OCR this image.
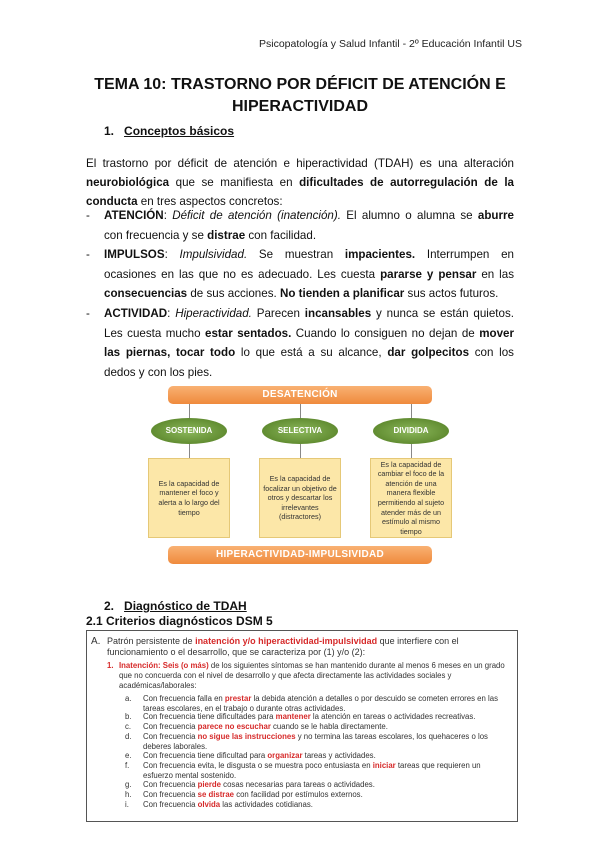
Psicopatología y Salud Infantil - 2º Educación Infantil US
TEMA 10: TRASTORNO POR DÉFICIT DE ATENCIÓN E
HIPERACTIVIDAD
1. Conceptos básicos
El trastorno por déficit de atención e hiperactividad (TDAH) es una alteración neurobiológica que se manifiesta en dificultades de autorregulación de la conducta en tres aspectos concretos:
- ATENCIÓN: Déficit de atención (inatención). El alumno o alumna se aburre con frecuencia y se distrae con facilidad.
- IMPULSOS: Impulsividad. Se muestran impacientes. Interrumpen en ocasiones en las que no es adecuado. Les cuesta pararse y pensar en las consecuencias de sus acciones. No tienden a planificar sus actos futuros.
- ACTIVIDAD: Hiperactividad. Parecen incansables y nunca se están quietos. Les cuesta mucho estar sentados. Cuando lo consiguen no dejan de mover las piernas, tocar todo lo que está a su alcance, dar golpecitos con los dedos y con los pies.
DESATENCIÓN
SOSTENIDA	SELECTIVA	DIVIDIDA
Es la capacidad de mantener el foco y alerta a lo largo del tiempo
Es la capacidad de focalizar un objetivo de otros y descartar los irrelevantes (distractores)
Es la capacidad de cambiar el foco de la atención de una manera flexible permitiendo al sujeto atender más de un estímulo al mismo tiempo
HIPERACTIVIDAD-IMPULSIVIDAD
2. Diagnóstico de TDAH
2.1 Criterios diagnósticos DSM 5
A. Patrón persistente de inatención y/o hiperactividad-impulsividad que interfiere con el funcionamiento o el desarrollo, que se caracteriza por (1) y/o (2):
1. Inatención: Seis (o más) de los siguientes síntomas se han mantenido durante al menos 6 meses en un grado que no concuerda con el nivel de desarrollo y que afecta directamente las actividades sociales y académicas/laborales:
a. Con frecuencia falla en prestar la debida atención a detalles o por descuido se cometen errores en las tareas escolares, en el trabajo o durante otras actividades.
b. Con frecuencia tiene dificultades para mantener la atención en tareas o actividades recreativas.
c. Con frecuencia parece no escuchar cuando se le habla directamente.
d. Con frecuencia no sigue las instrucciones y no termina las tareas escolares, los quehaceres o los deberes laborales.
e. Con frecuencia tiene dificultad para organizar tareas y actividades.
f. Con frecuencia evita, le disgusta o se muestra poco entusiasta en iniciar tareas que requieren un esfuerzo mental sostenido.
g. Con frecuencia pierde cosas necesarias para tareas o actividades.
h. Con frecuencia se distrae con facilidad por estímulos externos.
i. Con frecuencia olvida las actividades cotidianas.
